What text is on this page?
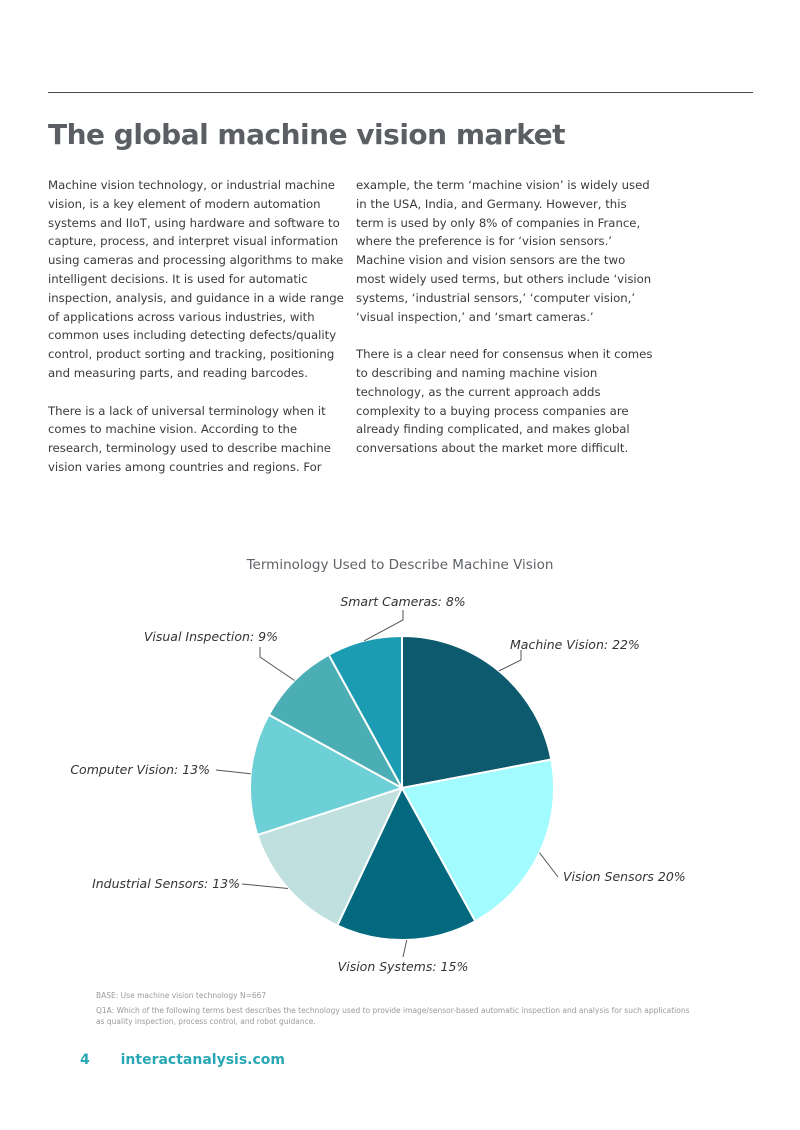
The global machine vision market

Machine vision technology, or industrial machine vision, is a key element of modern automation systems and IIoT, using hardware and software to capture, process, and interpret visual information using cameras and processing algorithms to make intelligent decisions. It is used for automatic inspection, analysis, and guidance in a wide range of applications across various industries, with common uses including detecting defects/quality control, product sorting and tracking, positioning and measuring parts, and reading barcodes.

There is a lack of universal terminology when it comes to machine vision. According to the research, terminology used to describe machine vision varies among countries and regions. For

example, the term ‘machine vision’ is widely used in the USA, India, and Germany. However, this term is used by only 8% of companies in France, where the preference is for ‘vision sensors.’ Machine vision and vision sensors are the two most widely used terms, but others include ‘vision systems, ‘industrial sensors,’ ‘computer vision,’ ‘visual inspection,’ and ‘smart cameras.’

There is a clear need for consensus when it comes to describing and naming machine vision technology, as the current approach adds complexity to a buying process companies are already finding complicated, and makes global conversations about the market more difficult.

Terminology Used to Describe Machine Vision
Machine Vision: 22%
Vision Sensors 20%
Vision Systems: 15%
Industrial Sensors: 13%
Computer Vision: 13%
Visual Inspection: 9%
Smart Cameras: 8%

BASE: Use machine vision technology N=667

Q1A: Which of the following terms best describes the technology used to provide image/sensor-based automatic inspection and analysis for such applications as quality inspection, process control, and robot guidance.

4 interactanalysis.com
